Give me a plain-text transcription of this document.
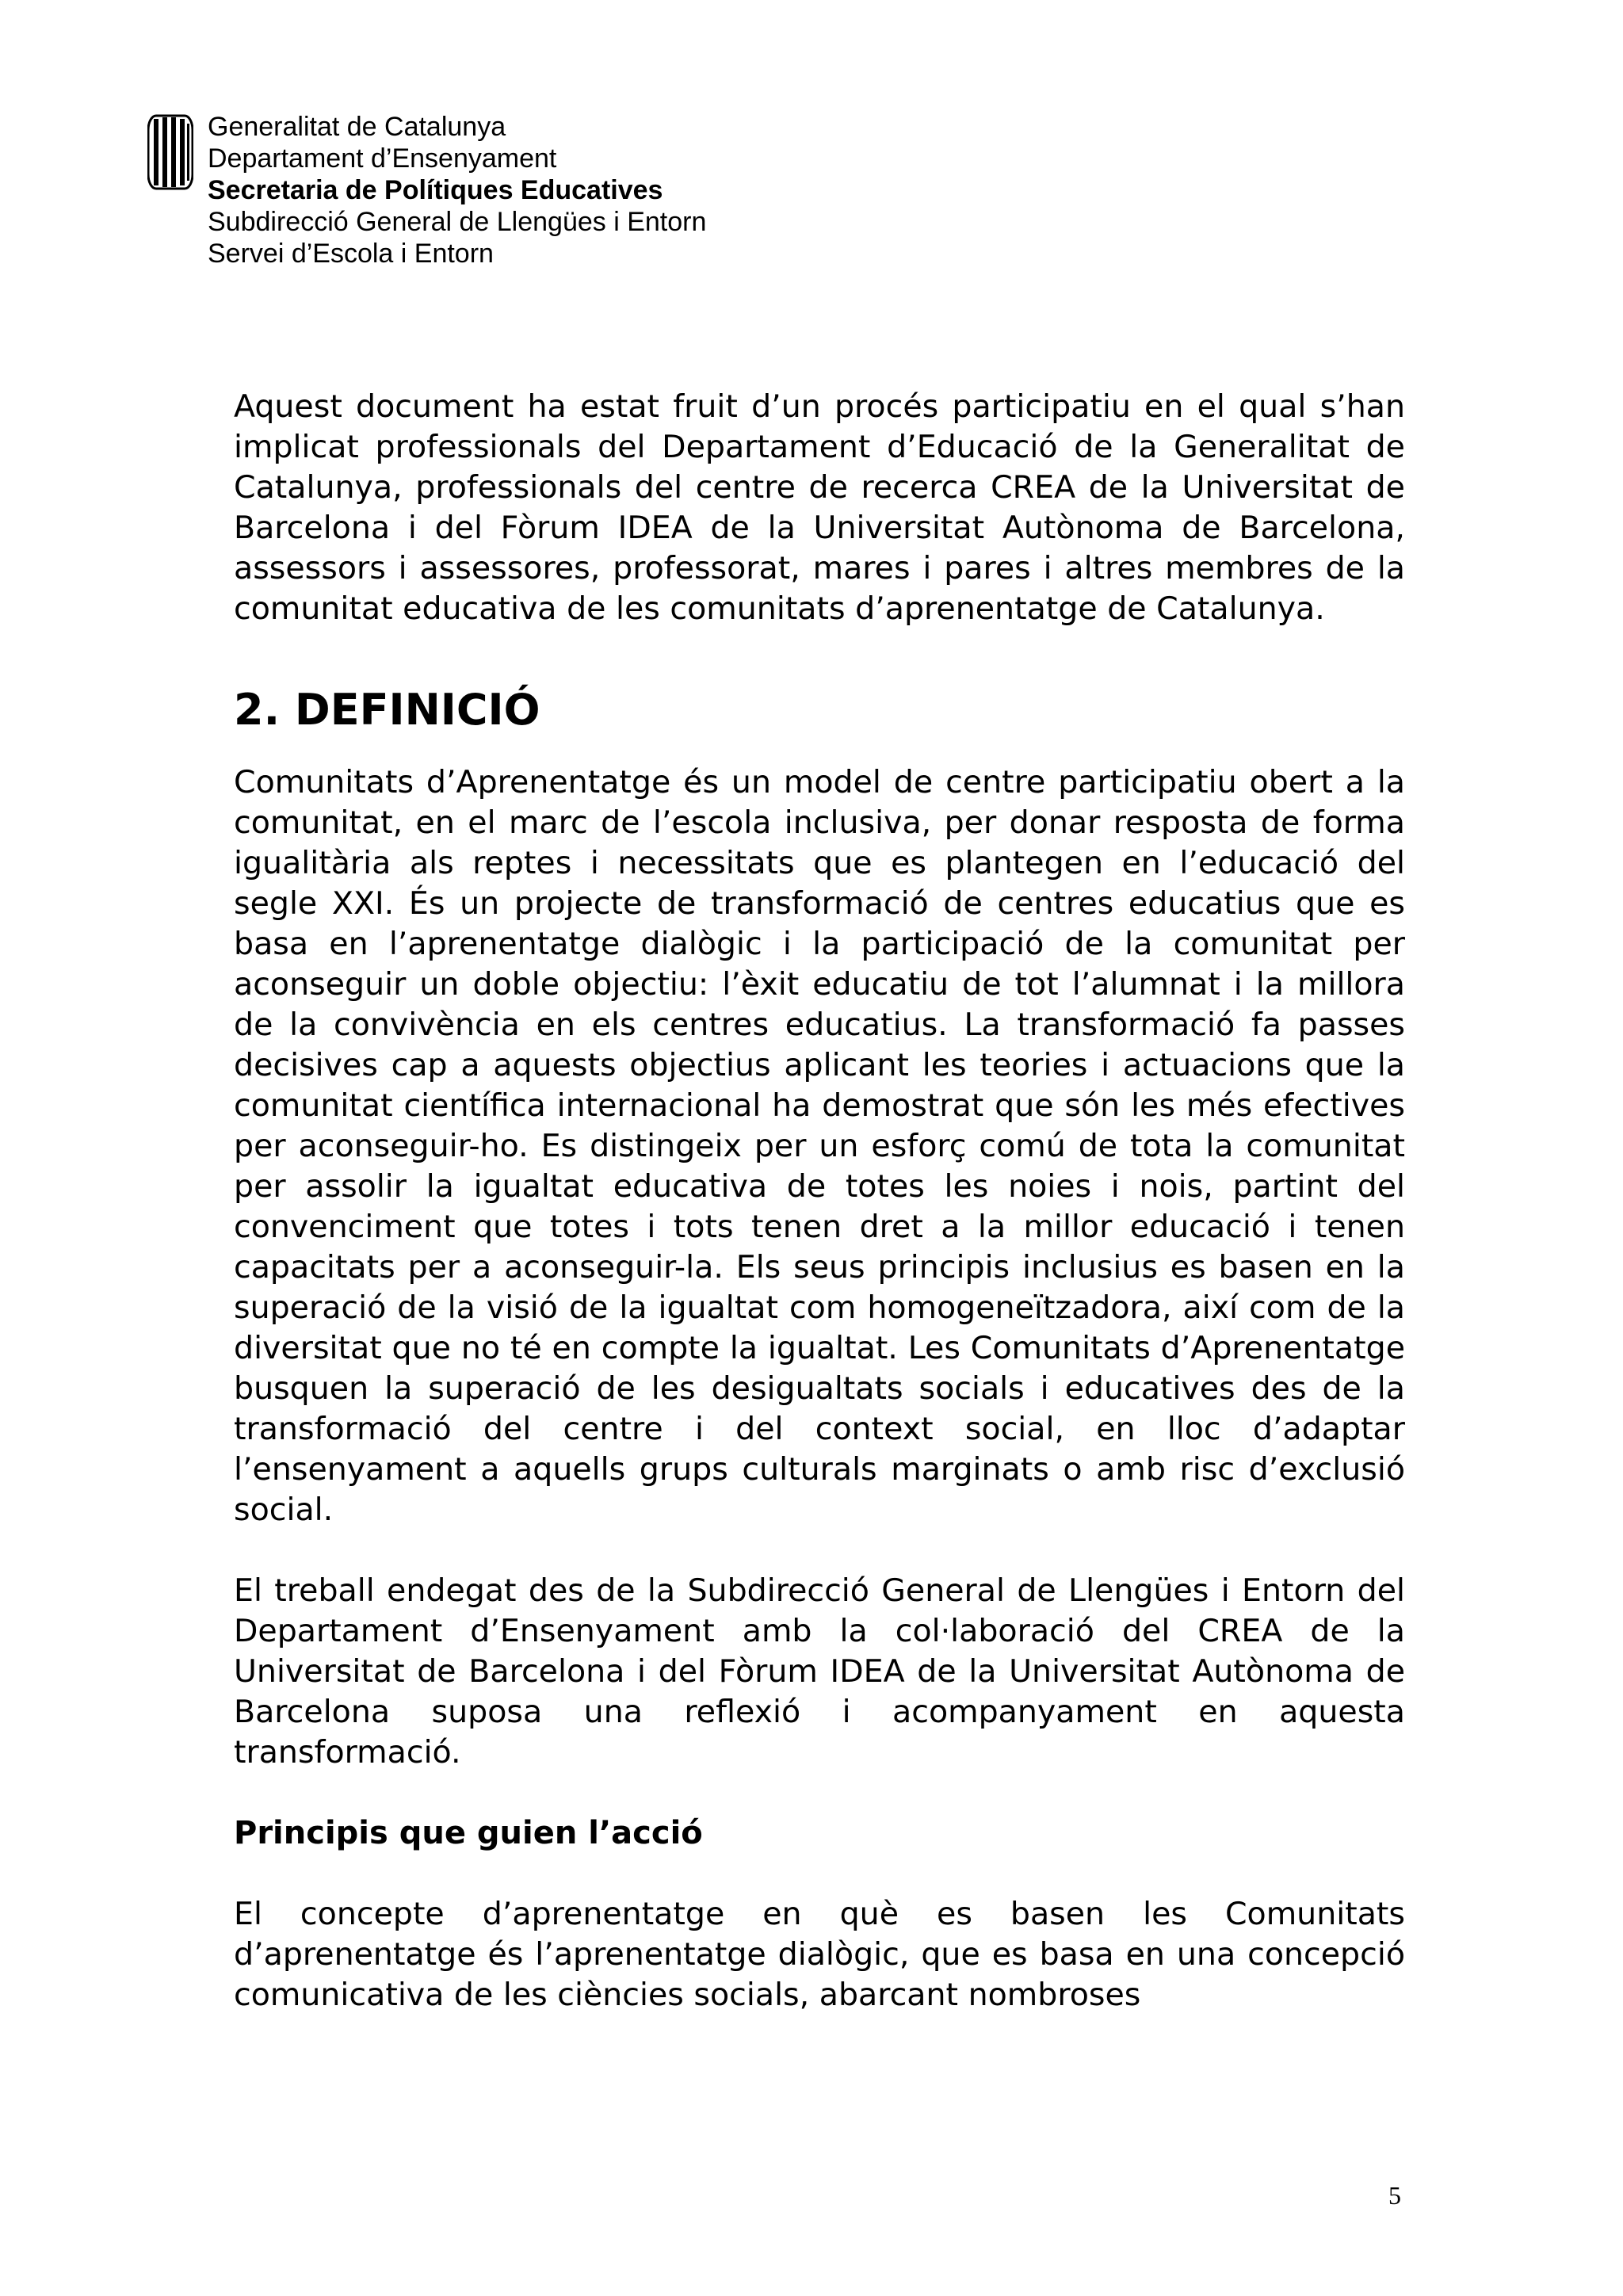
Generalitat de Catalunya
Departament d’Ensenyament
Secretaria de Polítiques Educatives
Subdirecció General de Llengües i Entorn
Servei d’Escola i Entorn

Aquest document ha estat fruit d’un procés participatiu en el qual s’han implicat professionals del Departament d’Educació de la Generalitat de Catalunya, professionals del centre de recerca CREA de la Universitat de Barcelona i del Fòrum IDEA de la Universitat Autònoma de Barcelona, assessors i assessores, professorat, mares i pares i altres membres de la comunitat educativa de les comunitats d’aprenentatge de Catalunya.

2. DEFINICIÓ

Comunitats d’Aprenentatge és un model de centre participatiu obert a la comunitat, en el marc de l’escola inclusiva, per donar resposta de forma igualitària als reptes i necessitats que es plantegen en l’educació del segle XXI. És un projecte de transformació de centres educatius que es basa en l’aprenentatge dialògic i la participació de la comunitat per aconseguir un doble objectiu: l’èxit educatiu de tot l’alumnat i la millora de la convivència en els centres educatius. La transformació fa passes decisives cap a aquests objectius aplicant les teories i actuacions que la comunitat científica internacional ha demostrat que són les més efectives per aconseguir-ho. Es distingeix per un esforç comú de tota la comunitat per assolir la igualtat educativa de totes les noies i nois, partint del convenciment que totes i tots tenen dret a la millor educació i tenen capacitats per a aconseguir-la. Els seus principis inclusius es basen en la superació de la visió de la igualtat com homogeneïtzadora, així com de la diversitat que no té en compte la igualtat. Les Comunitats d’Aprenentatge busquen la superació de les desigualtats socials i educatives des de la transformació del centre i del context social, en lloc d’adaptar l’ensenyament a aquells grups culturals marginats o amb risc d’exclusió social.

El treball endegat des de la Subdirecció General de Llengües i Entorn del Departament d’Ensenyament amb la col·laboració del CREA de la Universitat de Barcelona i del Fòrum IDEA de la Universitat Autònoma de Barcelona suposa una reflexió i acompanyament en aquesta transformació.

Principis que guien l’acció

El concepte d’aprenentatge en què es basen les Comunitats d’aprenentatge és l’aprenentatge dialògic, que es basa en una concepció comunicativa de les ciències socials, abarcant nombroses

5
